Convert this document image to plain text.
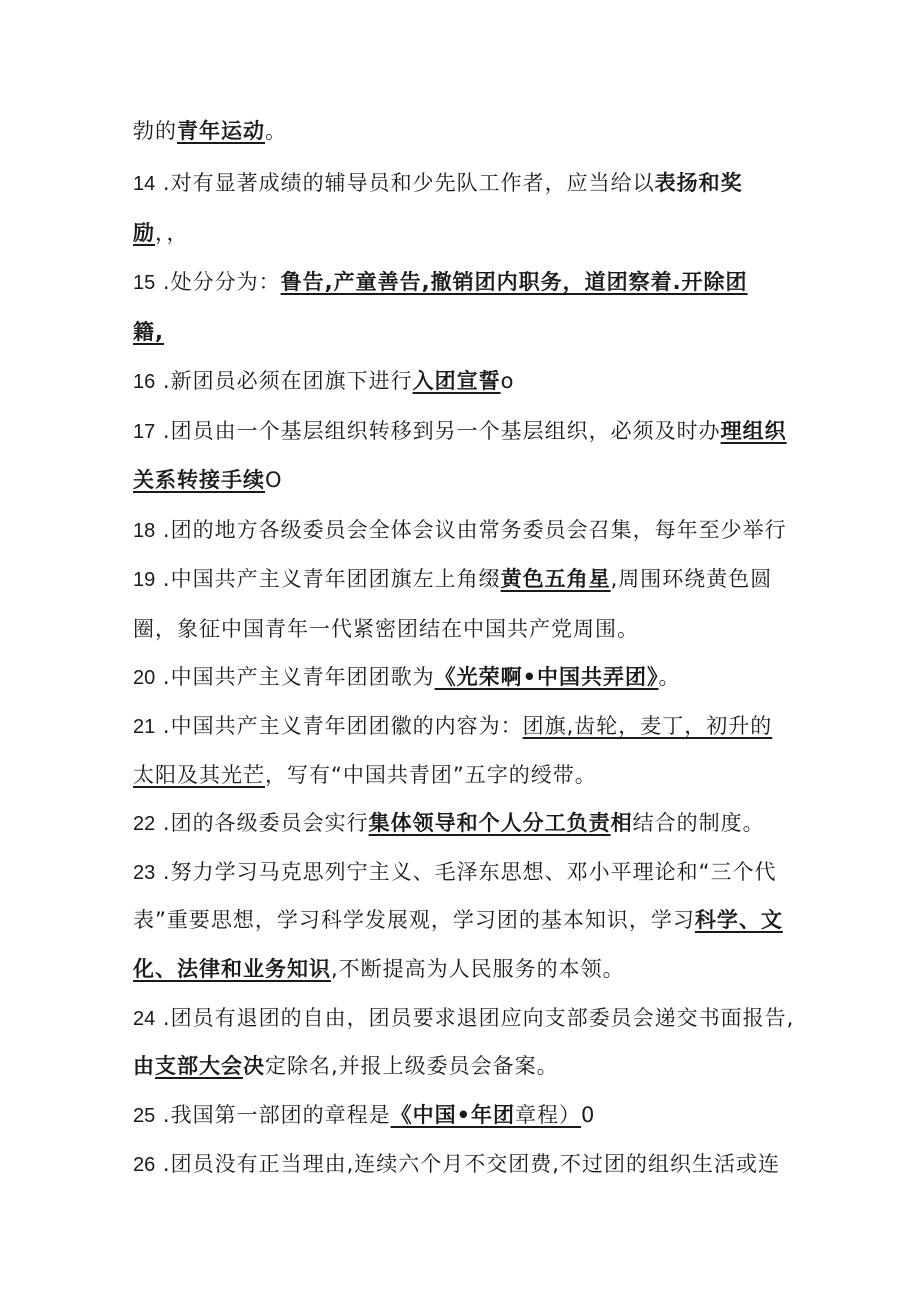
勃的青年运动。
14 .对有显著成绩的辅导员和少先队工作者，应当给以表扬和奖
励，，
15 .处分分为：鲁告,产童善告,撤销团内职务，道团察着.开除团
籍,
16 .新团员必须在团旗下进行入团宣誓o
17 .团员由一个基层组织转移到另一个基层组织，必须及时办理组织
关系转接手续O
18 .团的地方各级委员会全体会议由常务委员会召集，每年至少举行
19 .中国共产主义青年团团旗左上角缀黄色五角星,周围环绕黄色圆
圈，象征中国青年一代紧密团结在中国共产党周围。
20 .中国共产主义青年团团歌为《光荣啊•中国共弄团》。
21 .中国共产主义青年团团徽的内容为：团旗,齿轮，麦丁，初升的
太阳及其光芒，写有“中国共青团”五字的绶带。
22 .团的各级委员会实行集体领导和个人分工负责相结合的制度。
23 .努力学习马克思列宁主义、毛泽东思想、邓小平理论和“三个代
表”重要思想，学习科学发展观，学习团的基本知识，学习科学、文
化、法律和业务知识,不断提高为人民服务的本领。
24 .团员有退团的自由，团员要求退团应向支部委员会递交书面报告,
由支部大会决定除名,并报上级委员会备案。
25 .我国第一部团的章程是《中国•年团章程）0
26 .团员没有正当理由,连续六个月不交团费,不过团的组织生活或连
